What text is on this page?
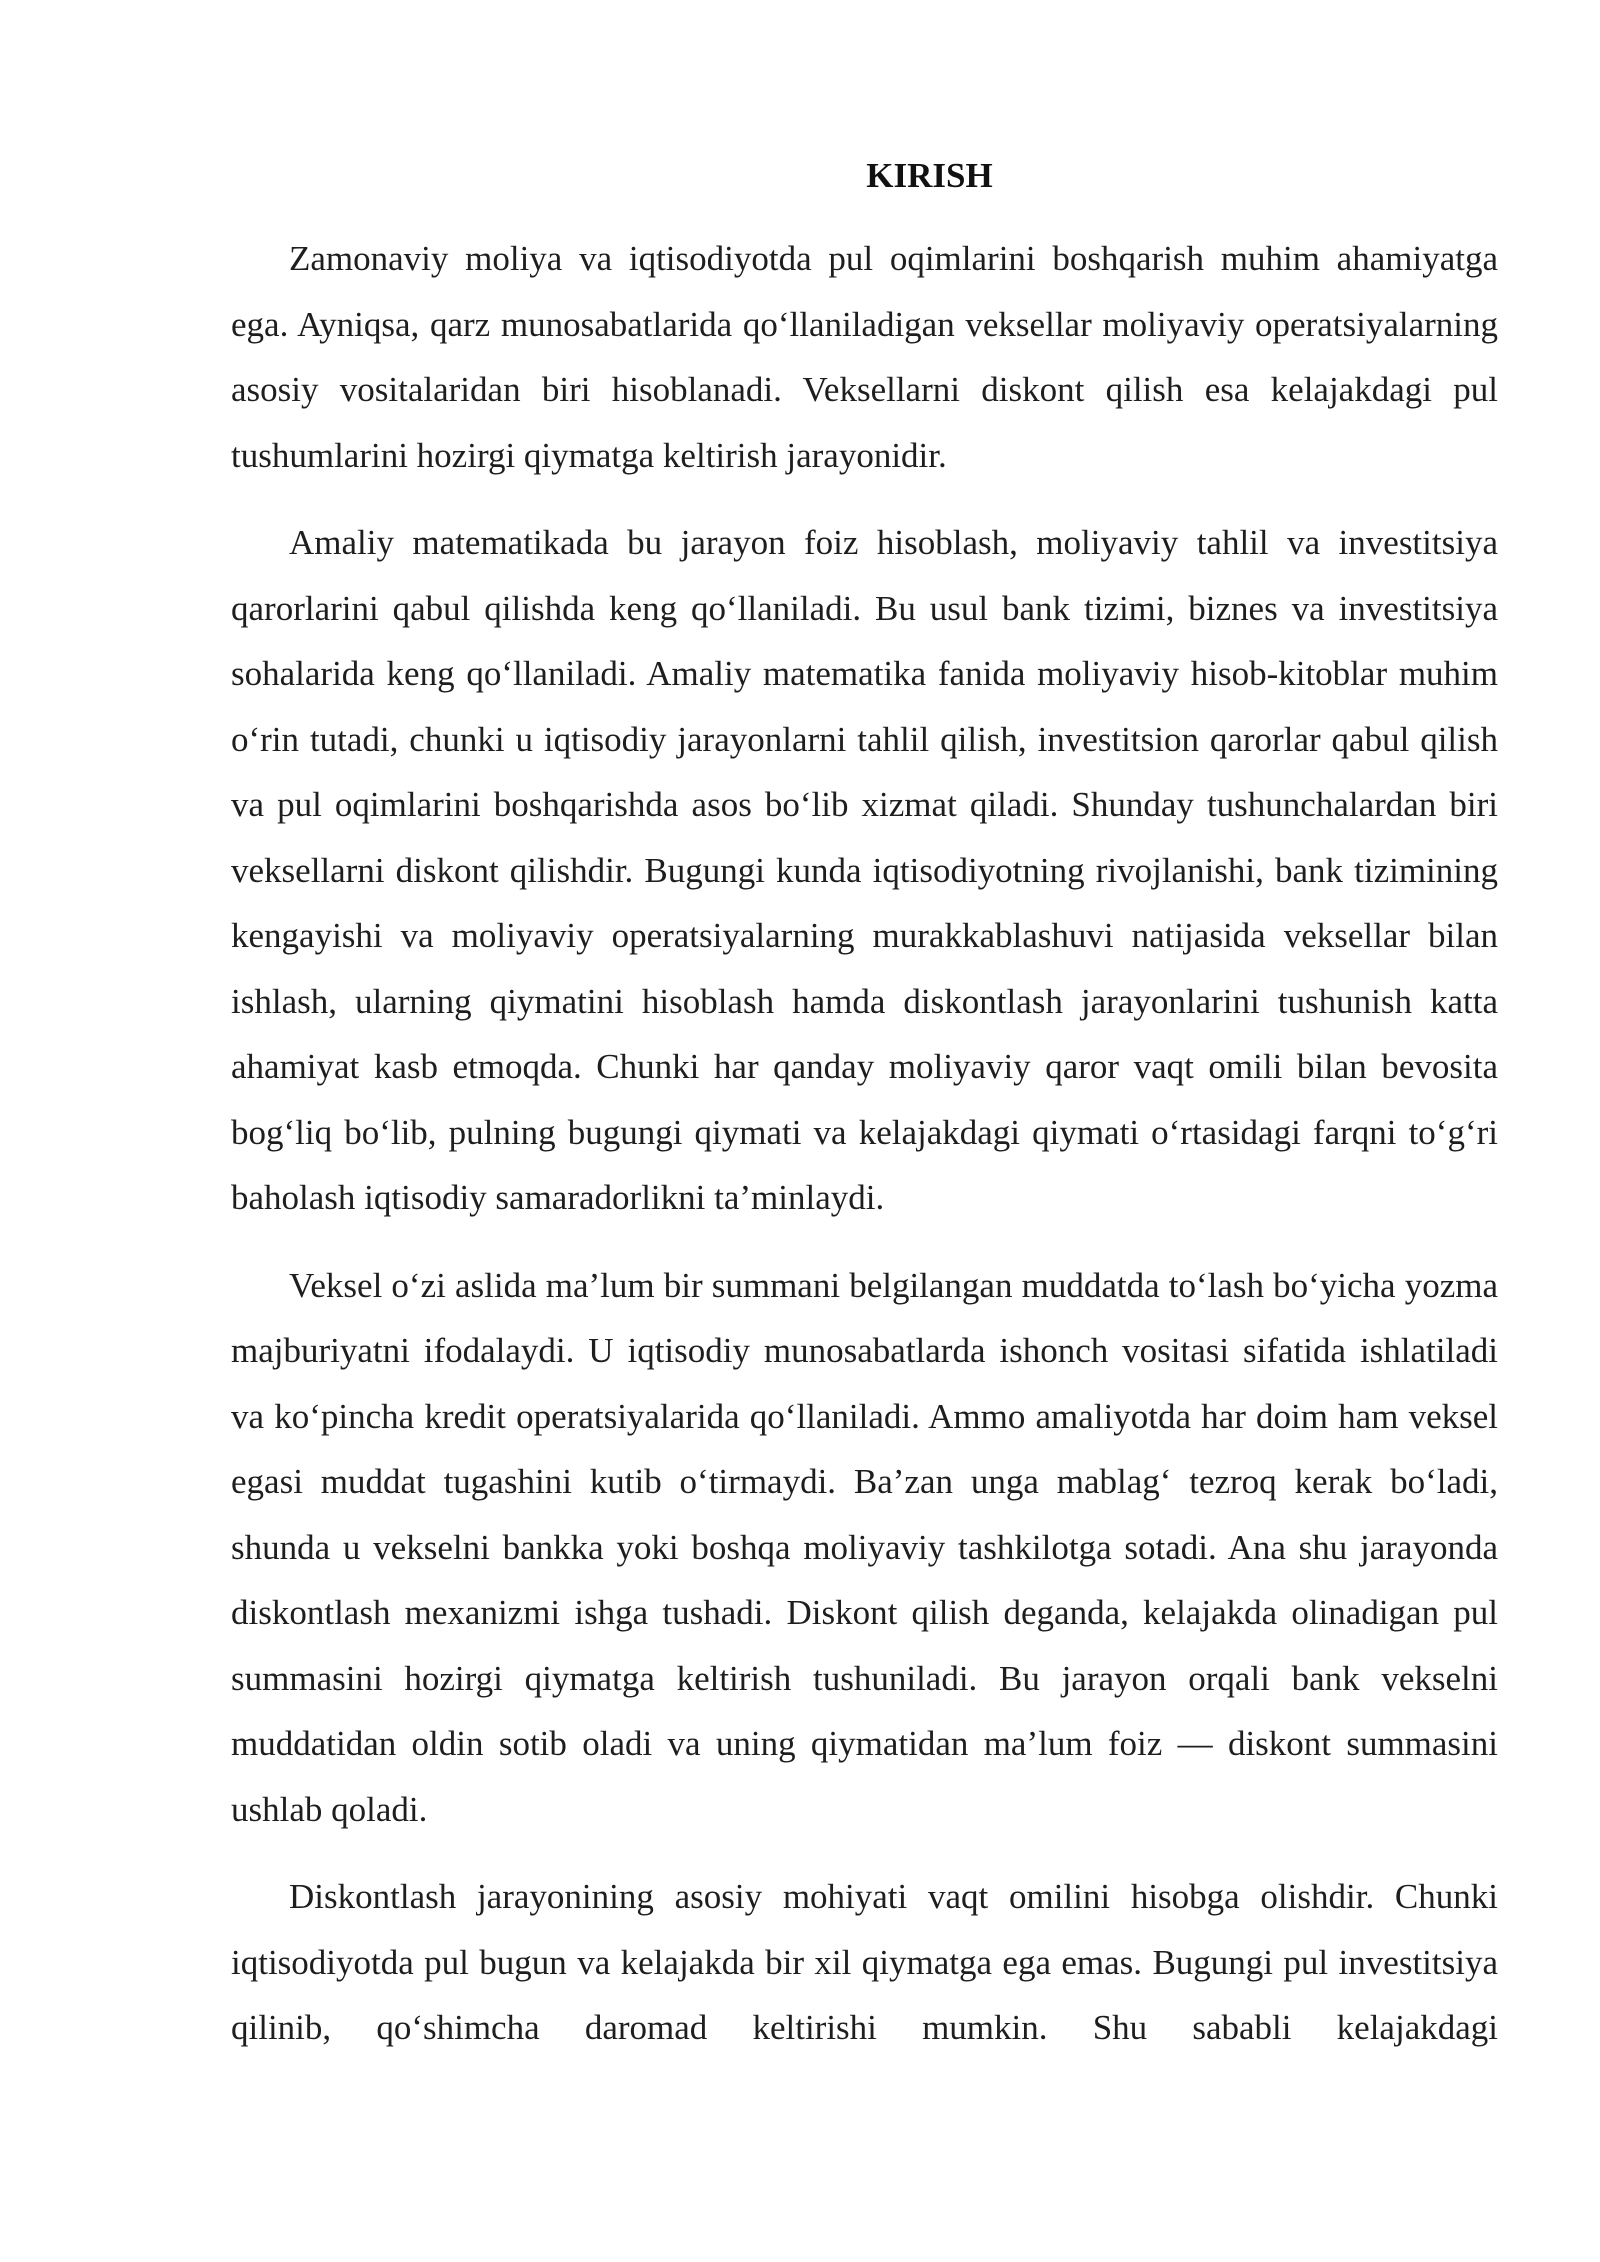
KIRISH

Zamonaviy moliya va iqtisodiyotda pul oqimlarini boshqarish muhim ahamiyatga ega. Ayniqsa, qarz munosabatlarida qo‘llaniladigan veksellar moliyaviy operatsiyalarning asosiy vositalaridan biri hisoblanadi. Veksellarni diskont qilish esa kelajakdagi pul tushumlarini hozirgi qiymatga keltirish jarayonidir.

Amaliy matematikada bu jarayon foiz hisoblash, moliyaviy tahlil va investitsiya qarorlarini qabul qilishda keng qo‘llaniladi. Bu usul bank tizimi, biznes va investitsiya sohalarida keng qo‘llaniladi. Amaliy matematika fanida moliyaviy hisob-kitoblar muhim o‘rin tutadi, chunki u iqtisodiy jarayonlarni tahlil qilish, investitsion qarorlar qabul qilish va pul oqimlarini boshqarishda asos bo‘lib xizmat qiladi. Shunday tushunchalardan biri veksellarni diskont qilishdir. Bugungi kunda iqtisodiyotning rivojlanishi, bank tizimining kengayishi va moliyaviy operatsiyalarning murakkablashuvi natijasida veksellar bilan ishlash, ularning qiymatini hisoblash hamda diskontlash jarayonlarini tushunish katta ahamiyat kasb etmoqda. Chunki har qanday moliyaviy qaror vaqt omili bilan bevosita bog‘liq bo‘lib, pulning bugungi qiymati va kelajakdagi qiymati o‘rtasidagi farqni to‘g‘ri baholash iqtisodiy samaradorlikni ta’minlaydi.

Veksel o‘zi aslida ma’lum bir summani belgilangan muddatda to‘lash bo‘yicha yozma majburiyatni ifodalaydi. U iqtisodiy munosabatlarda ishonch vositasi sifatida ishlatiladi va ko‘pincha kredit operatsiyalarida qo‘llaniladi. Ammo amaliyotda har doim ham veksel egasi muddat tugashini kutib o‘tirmaydi. Ba’zan unga mablag‘ tezroq kerak bo‘ladi, shunda u vekselni bankka yoki boshqa moliyaviy tashkilotga sotadi. Ana shu jarayonda diskontlash mexanizmi ishga tushadi. Diskont qilish deganda, kelajakda olinadigan pul summasini hozirgi qiymatga keltirish tushuniladi. Bu jarayon orqali bank vekselni muddatidan oldin sotib oladi va uning qiymatidan ma’lum foiz — diskont summasini ushlab qoladi.

Diskontlash jarayonining asosiy mohiyati vaqt omilini hisobga olishdir. Chunki iqtisodiyotda pul bugun va kelajakda bir xil qiymatga ega emas. Bugungi pul investitsiya qilinib, qo‘shimcha daromad keltirishi mumkin. Shu sababli kelajakdagi
